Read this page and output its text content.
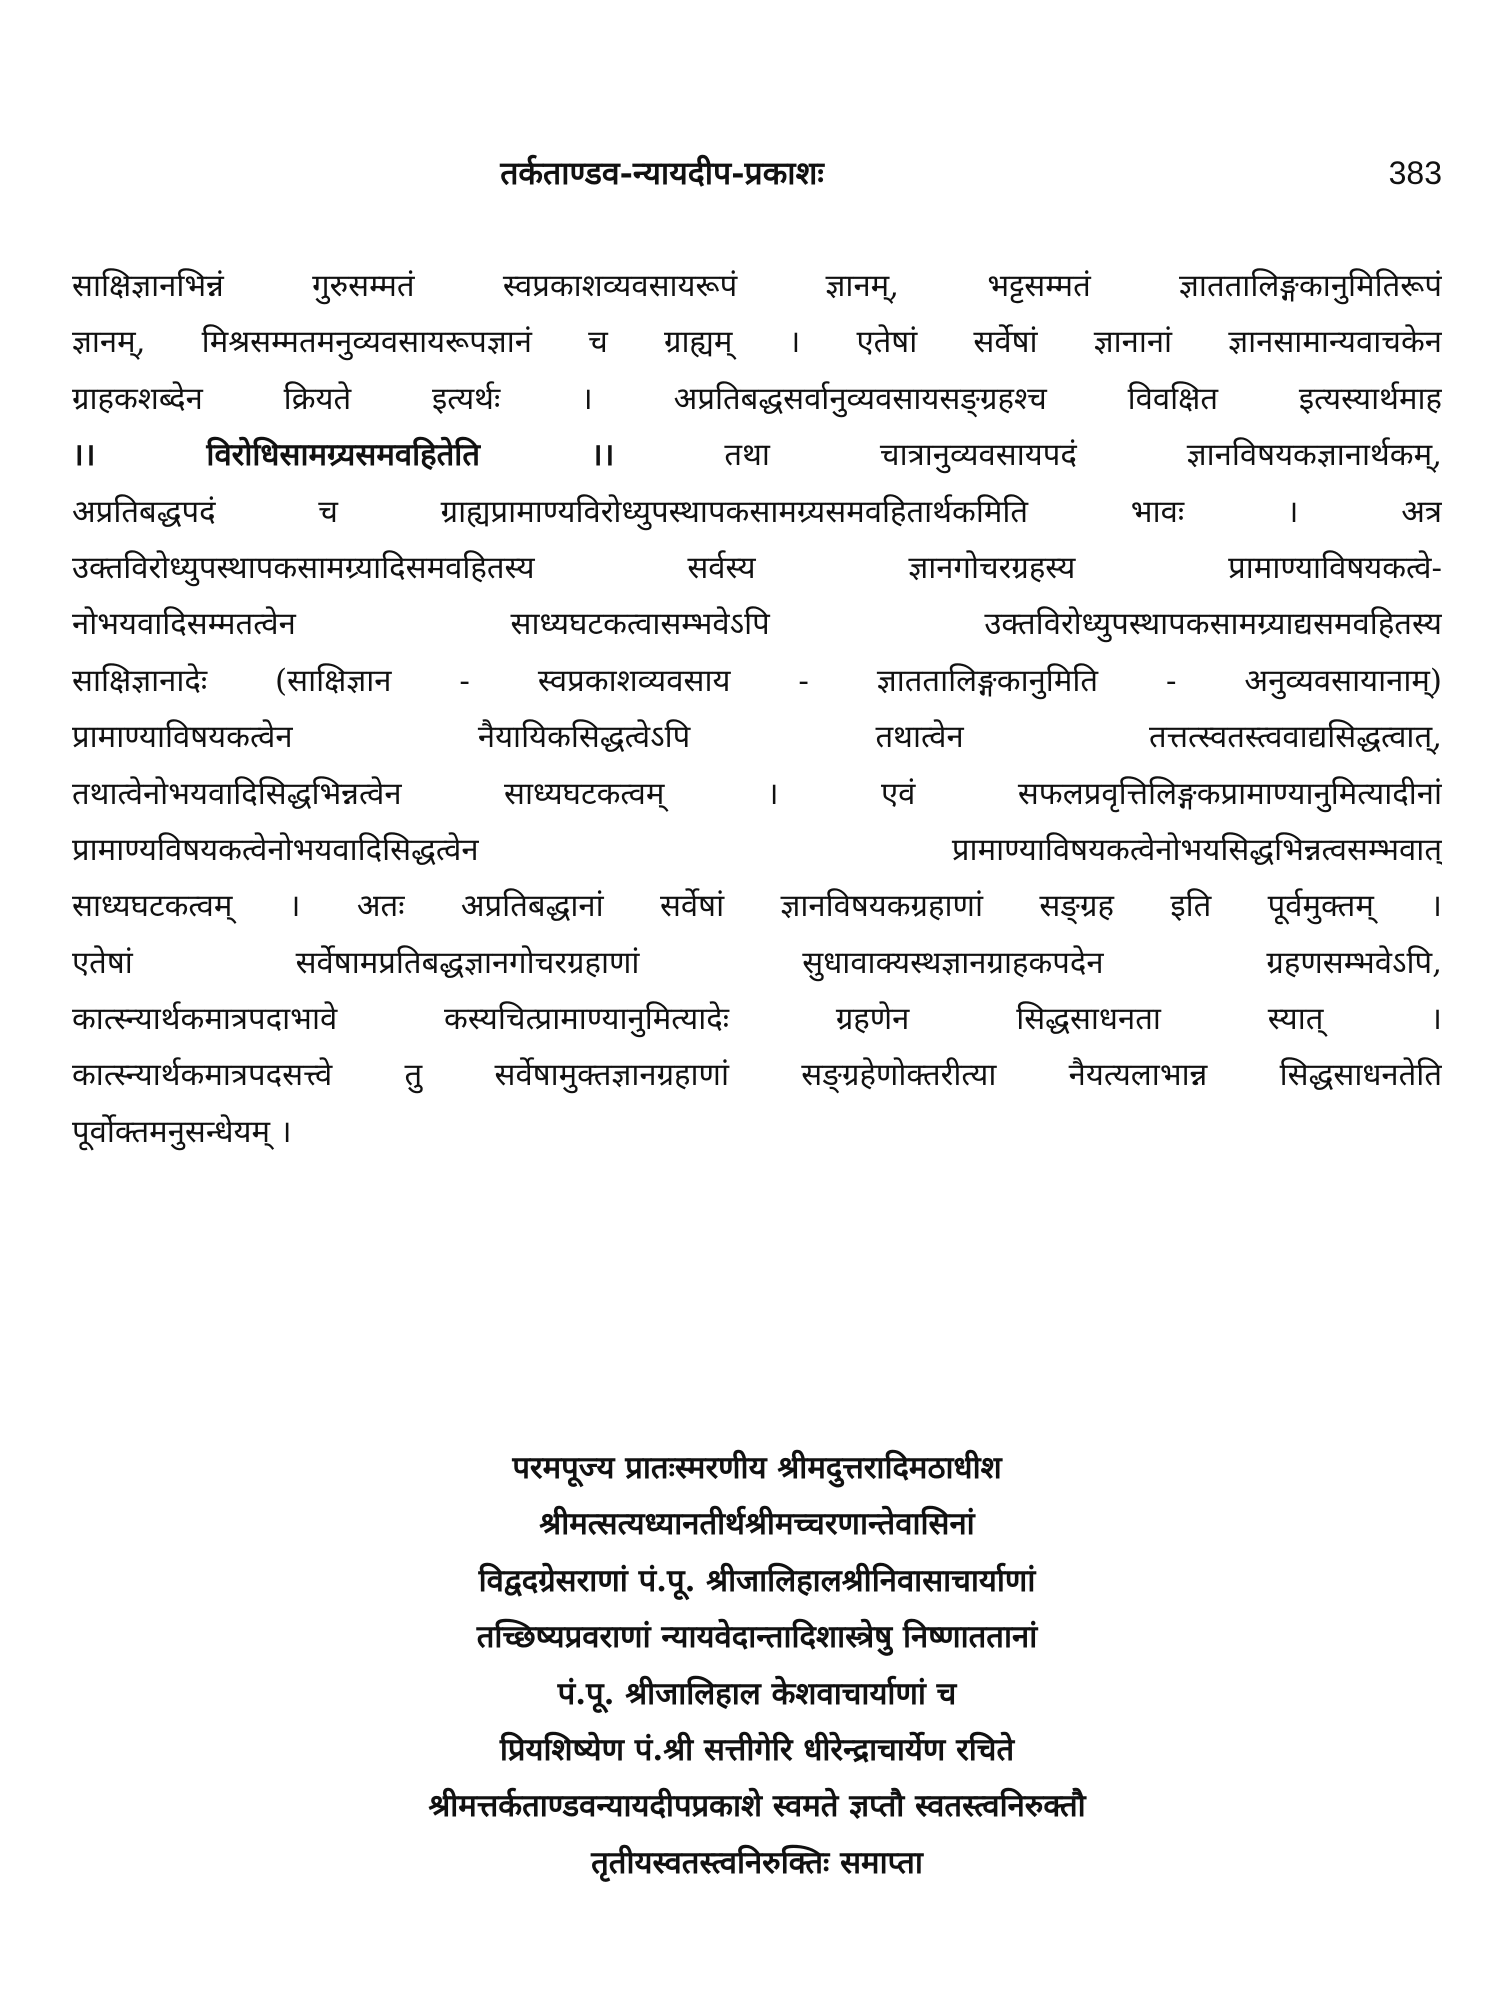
तर्कताण्डव-न्यायदीप-प्रकाशः	383
साक्षिज्ञानभिन्नं गुरुसम्मतं स्वप्रकाशव्यवसायरूपं ज्ञानम्, भट्टसम्मतं ज्ञाततालिङ्गकानुमितिरूपं
ज्ञानम्, मिश्रसम्मतमनुव्यवसायरूपज्ञानं च ग्राह्यम् । एतेषां सर्वेषां ज्ञानानां ज्ञानसामान्यवाचकेन
ग्राहकशब्देन क्रियते इत्यर्थः । अप्रतिबद्धसर्वानुव्यवसायसङ्ग्रहश्च विवक्षित इत्यस्यार्थमाह
।। विरोधिसामग्र्यसमवहितेति ।। तथा चात्रानुव्यवसायपदं ज्ञानविषयकज्ञानार्थकम्,
अप्रतिबद्धपदं च ग्राह्यप्रामाण्यविरोध्युपस्थापकसामग्र्यसमवहितार्थकमिति भावः । अत्र
उक्तविरोध्युपस्थापकसामग्र्यादिसमवहितस्य सर्वस्य ज्ञानगोचरग्रहस्य प्रामाण्याविषयकत्वे-
नोभयवादिसम्मतत्वेन साध्यघटकत्वासम्भवेऽपि उक्तविरोध्युपस्थापकसामग्र्याद्यसमवहितस्य
साक्षिज्ञानादेः (साक्षिज्ञान - स्वप्रकाशव्यवसाय - ज्ञाततालिङ्गकानुमिति - अनुव्यवसायानाम्)
प्रामाण्याविषयकत्वेन नैयायिकसिद्धत्वेऽपि तथात्वेन तत्तत्स्वतस्त्ववाद्यसिद्धत्वात्,
तथात्वेनोभयवादिसिद्धभिन्नत्वेन साध्यघटकत्वम् । एवं सफलप्रवृत्तिलिङ्गकप्रामाण्यानुमित्यादीनां
प्रामाण्यविषयकत्वेनोभयवादिसिद्धत्वेन प्रामाण्याविषयकत्वेनोभयसिद्धभिन्नत्वसम्भवात्
साध्यघटकत्वम् । अतः अप्रतिबद्धानां सर्वेषां ज्ञानविषयकग्रहाणां सङ्ग्रह इति पूर्वमुक्तम् ।
एतेषां सर्वेषामप्रतिबद्धज्ञानगोचरग्रहाणां सुधावाक्यस्थज्ञानग्राहकपदेन ग्रहणसम्भवेऽपि,
कात्स्न्यार्थकमात्रपदाभावे कस्यचित्प्रामाण्यानुमित्यादेः ग्रहणेन सिद्धसाधनता स्यात् ।
कात्स्न्यार्थकमात्रपदसत्त्वे तु सर्वेषामुक्तज्ञानग्रहाणां सङ्ग्रहेणोक्तरीत्या नैयत्यलाभान्न सिद्धसाधनतेति
पूर्वोक्तमनुसन्धेयम् ।
परमपूज्य प्रातःस्मरणीय श्रीमदुत्तरादिमठाधीश
श्रीमत्सत्यध्यानतीर्थश्रीमच्चरणान्तेवासिनां
विद्वदग्रेसराणां पं.पू. श्रीजालिहालश्रीनिवासाचार्याणां
तच्छिष्यप्रवराणां न्यायवेदान्तादिशास्त्रेषु निष्णाततानां
पं.पू. श्रीजालिहाल केशवाचार्याणां च
प्रियशिष्येण पं.श्री सत्तीगेरि धीरेन्द्राचार्येण रचिते
श्रीमत्तर्कताण्डवन्यायदीपप्रकाशे स्वमते ज्ञप्तौ स्वतस्त्वनिरुक्तौ
तृतीयस्वतस्त्वनिरुक्तिः समाप्ता
